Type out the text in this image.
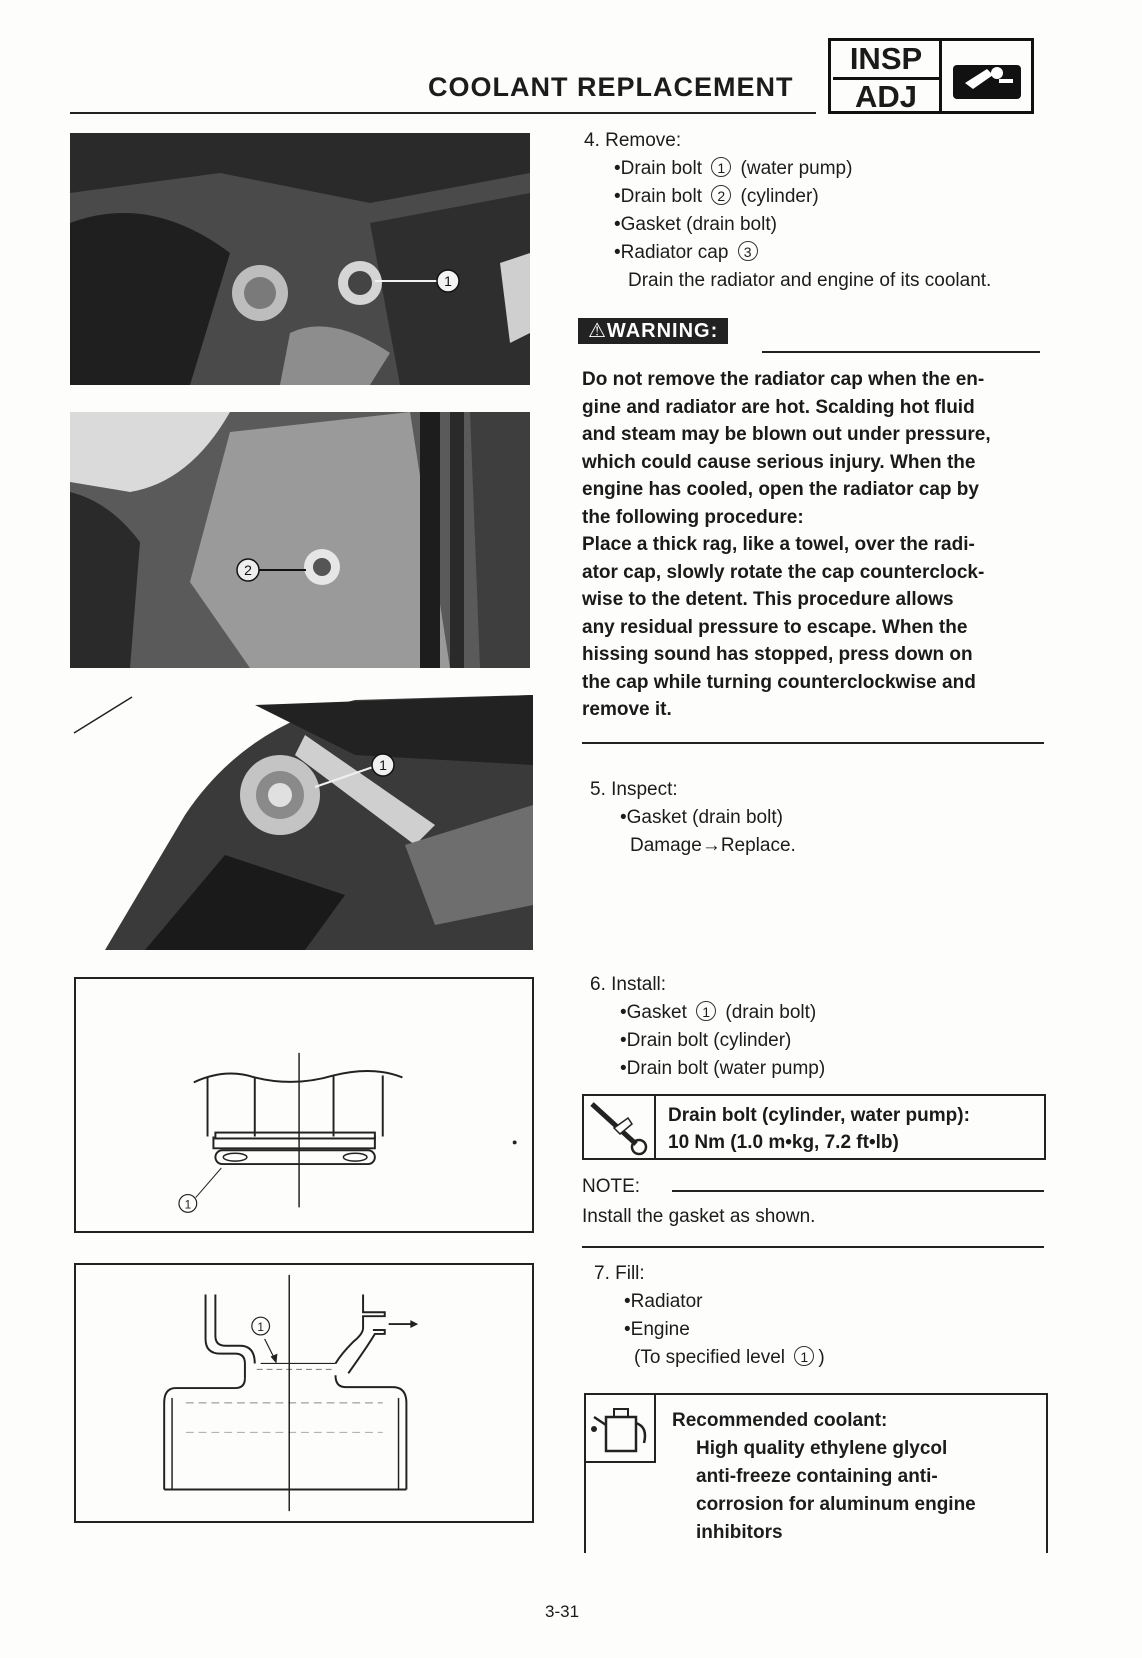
COOLANT REPLACEMENT
INSP
ADJ
1
2
1
1
1
4. Remove:
•Drain bolt 1 (water pump)
•Drain bolt 2 (cylinder)
•Gasket (drain bolt)
•Radiator cap 3
Drain the radiator and engine of its coolant.
⚠WARNING:
Do not remove the radiator cap when the en-
gine and radiator are hot. Scalding hot fluid
and steam may be blown out under pressure,
which could cause serious injury. When the
engine has cooled, open the radiator cap by
the following procedure:
Place a thick rag, like a towel, over the radi-
ator cap, slowly rotate the cap counterclock-
wise to the detent. This procedure allows
any residual pressure to escape. When the
hissing sound has stopped, press down on
the cap while turning counterclockwise and
remove it.
5. Inspect:
•Gasket (drain bolt)
Damage→Replace.
6. Install:
•Gasket 1 (drain bolt)
•Drain bolt (cylinder)
•Drain bolt (water pump)
Drain bolt (cylinder, water pump):
10 Nm (1.0 m•kg, 7.2 ft•lb)
NOTE:
Install the gasket as shown.
7. Fill:
•Radiator
•Engine
(To specified level 1 )
Recommended coolant:
High quality ethylene glycol
anti-freeze containing anti-
corrosion for aluminum engine
inhibitors
3-31
